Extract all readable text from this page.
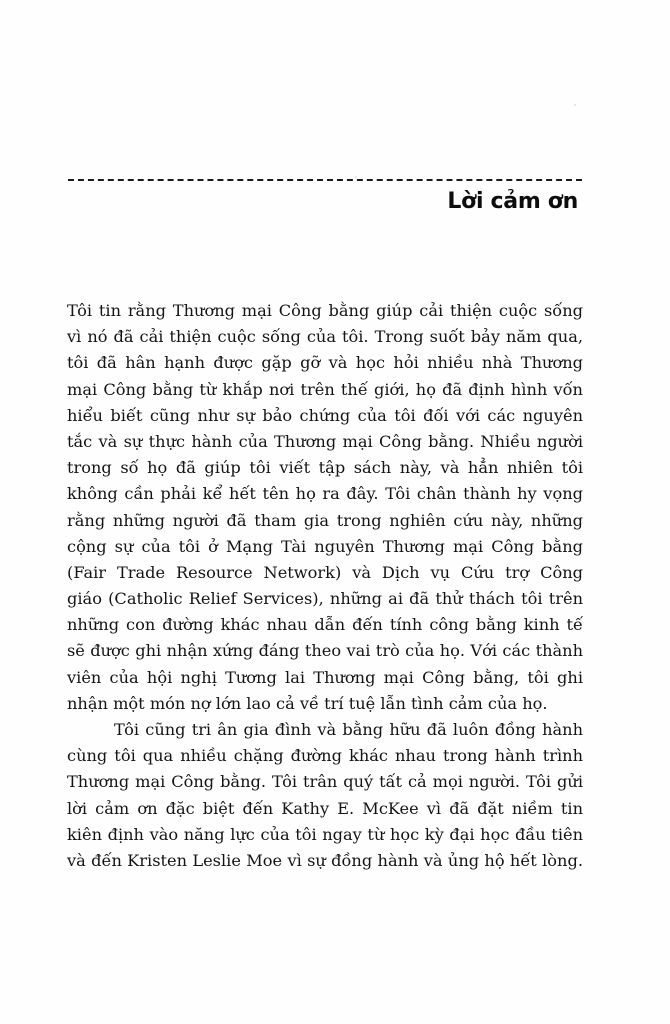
Lời cảm ơn
Tôi tin rằng Thương mại Công bằng giúp cải thiện cuộc sống
vì nó đã cải thiện cuộc sống của tôi. Trong suốt bảy năm qua,
tôi đã hân hạnh được gặp gỡ và học hỏi nhiều nhà Thương
mại Công bằng từ khắp nơi trên thế giới, họ đã định hình vốn
hiểu biết cũng như sự bảo chứng của tôi đối với các nguyên
tắc và sự thực hành của Thương mại Công bằng. Nhiều người
trong số họ đã giúp tôi viết tập sách này, và hẳn nhiên tôi
không cần phải kể hết tên họ ra đây. Tôi chân thành hy vọng
rằng những người đã tham gia trong nghiên cứu này, những
cộng sự của tôi ở Mạng Tài nguyên Thương mại Công bằng
(Fair Trade Resource Network) và Dịch vụ Cứu trợ Công
giáo (Catholic Relief Services), những ai đã thử thách tôi trên
những con đường khác nhau dẫn đến tính công bằng kinh tế
sẽ được ghi nhận xứng đáng theo vai trò của họ. Với các thành
viên của hội nghị Tương lai Thương mại Công bằng, tôi ghi
nhận một món nợ lớn lao cả về trí tuệ lẫn tình cảm của họ.
Tôi cũng tri ân gia đình và bằng hữu đã luôn đồng hành
cùng tôi qua nhiều chặng đường khác nhau trong hành trình
Thương mại Công bằng. Tôi trân quý tất cả mọi người. Tôi gửi
lời cảm ơn đặc biệt đến Kathy E. McKee vì đã đặt niềm tin
kiên định vào năng lực của tôi ngay từ học kỳ đại học đầu tiên
và đến Kristen Leslie Moe vì sự đồng hành và ủng hộ hết lòng.
